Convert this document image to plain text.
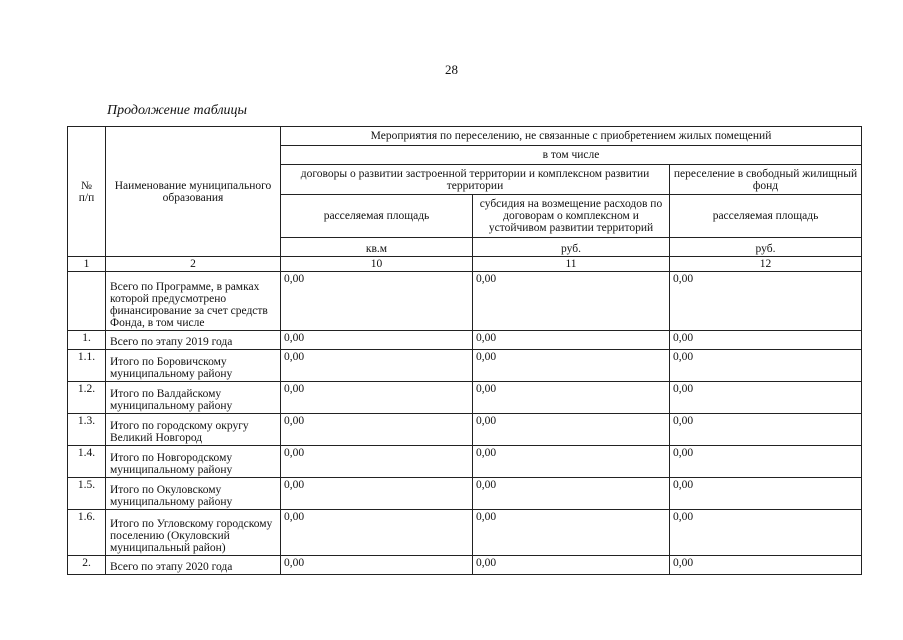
28
Продолжение таблицы
№
п/п	Наименование муниципального образования	Мероприятия по переселению, не связанные с приобретением жилых помещений		
		в том числе		
		договоры о развитии застроенной территории и комплексном развитии территории		переселение в свободный жилищный фонд
		расселяемая площадь	субсидия на возмещение расходов по договорам о комплексном и устойчивом развитии территорий	расселяемая площадь
		кв.м	руб.	руб.
1	2	10	11	12
	Всего по Программе, в рамках которой предусмотрено финансирование за счет средств Фонда, в том числе	0,00	0,00	0,00
1.	Всего по этапу 2019 года	0,00	0,00	0,00
1.1.	Итого по Боровичскому муниципальному району	0,00	0,00	0,00
1.2.	Итого по Валдайскому муниципальному району	0,00	0,00	0,00
1.3.	Итого по городскому округу Великий Новгород	0,00	0,00	0,00
1.4.	Итого по Новгородскому муниципальному району	0,00	0,00	0,00
1.5.	Итого по Окуловскому муниципальному району	0,00	0,00	0,00
1.6.	Итого по Угловскому городскому поселению (Окуловский муниципальный район)	0,00	0,00	0,00
2.	Всего по этапу 2020 года	0,00	0,00	0,00
